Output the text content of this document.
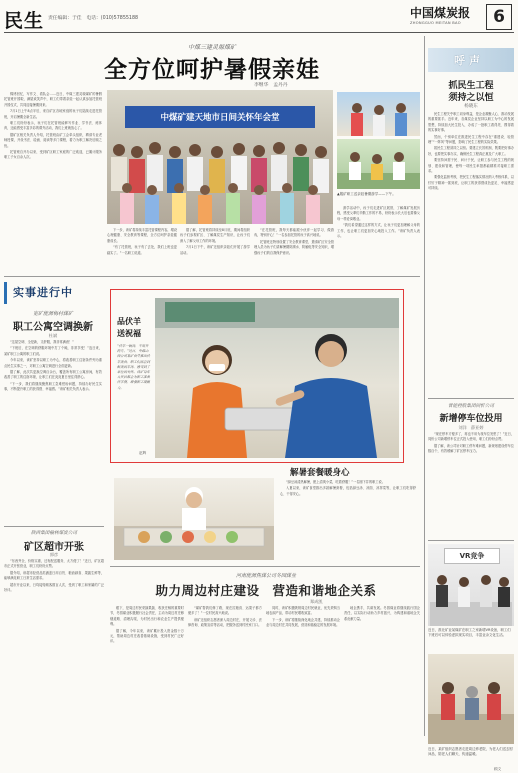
民生 责任编辑：于佳　电话：(010)57855188	中国煤炭报
ZHONGGUO MEITAN BAO 6
中煤三建灵塬煤矿
全方位呵护暑假亲娃
李继华　孟丹丹
中煤矿建天地市日间关怀年会堂
▲服矿职工送亲娃暑期游学——下午。

锦绣回忆，写作文、看队会……近日，中煤三建灵塬煤矿的暑假托管班开园啦，满屋欢笑声中，职工们带着亲娃一起认真参加托管班开园仪式，共同迎接暑期到来。

7月1日上午8点半后，来自矿区各地家庭的孩子们陆续走进托管班，开启暑期全新生活。

职工们纷纷表示，孩子们在托管班能够写作业、学书法、练体育，还能感受丰富多彩的课外活动，我们上班就放心了。

据矿区相关负责人介绍，托管班由矿工会牵头组织，聘请专业老师授课，开设书法、绘画、阅读等多门课程，着力为职工解决后顾之忧。

托管班自开办以来，受到矿区职工家庭的广泛欢迎，已累计服务职工子女百余人次。

下一步，该矿将持续丰富托管课程内容，增设心理健康、安全教育等课程，全方位呵护亲娃健康成长。

“有了托管班，孩子有了去处，我们上班也更踏实了。”一名职工说道。

据了解，托管班将持续至8月底，期间将组织孩子们参观矿区、了解煤炭生产知识，让孩子们深入了解父母工作的环境。

7月1日下午，该矿还组织亲娃们开展了游学活动。

“在托管班，我每天都能跟小伙伴一起学习、做游戏，特别开心！”一名参加托管的孩子高兴地说。

托管班还特别设置了安全教育课堂，邀请矿区安全管理人员为孩子们讲解暑期防溺水、防触电等安全知识，增强孩子们的自我保护意识。

游学活动中，孩子们走进矿区展馆，了解煤矿发展历程，感受父辈们辛勤工作的不易，纷纷表示长大后也要像父母一样爱岗敬业。

“我们希望通过这样的方式，让孩子们更加理解父母的工作，也让职工们更加安心地投入工作。”该矿负责人表示。

呼声
抓民生工程
须持之以恒
杨晓东

民生工程关乎职工切身利益，是企业凝聚人心、推动发展的重要抓手。近年来，各煤炭企业坚持以职工为中心的发展思想，持续加大民生投入，办成了一批职工看得见、摸得着的实事好事。

然而，个别单位在推进民生工程中存在“重建设、轻管理”“一阵风”等问题，影响了民生工程的实际效果。

抓民生工程须持之以恒。要建立长效机制，既要把好事办好，也要把实事办实，确保民生工程真正惠及广大职工。

要坚持问需于民、问计于民，让职工参与民生工程的规划、建设和管理，使每一项民生举措都能精准对接职工需求。

要强化监督考核，把民生工程落实情况纳入考核体系，以钉钉子精神一抓到底，让职工的获得感成色更足、幸福感更可持续。

晋能控股集团同忻公司
新增停车位投用
刘洋　薛亚婷

“现在停车方便多了，再也不用为找车位发愁了！”近日，同忻公司新增停车位正式投入使用，职工们纷纷点赞。

据了解，该公司针对职工停车难问题，新规划建设停车位数百个，有效缓解了矿区停车压力。

VR竞争
近日，淮北矿业某煤矿在职工之家新增VR设备，职工们下班后可以体验虚拟现实项目，丰富业余文化生活。
近日，某矿组织志愿者走进周边养老院，为老人们送去慰问品，陪老人们聊天，传递温暖。
顾文
实事进行中
宽矿能源梅村煤矿
职工公寓空调换新
杜斌

“这屋空调、全是新，又舒服，我非常满意！”

“下班后，在空调的舒服坏境中打了个盹，非常享受！”连日来，某矿职工公寓的职工们说。

今年以来，该矿坚持以职工为中心，将改善职工住宿条件列为重点民生实事之一，对职工公寓空调进行全面更新。

据了解，此次共更换空调百余台，覆盖所有职工公寓房间，有效改善了职工的住宿环境，让职工们在炎炎夏日里住得舒心。

“下一步，我们将继续聚焦职工急难愁盼问题，持续办好民生实事，不断提升职工的获得感、幸福感。”该矿相关负责人表示。

陕西集团榆林煤炭公司
矿区超市开张
郭彦

“东西齐全，价格实惠，还有配送服务，太方便了！”近日，矿区超市正式开张营业，职工们纷纷点赞。

据介绍，该超市经营品类涵盖日用百货、粮油副食、果蔬生鲜等，能够满足职工日常生活需求。

超市开业以来，日均接待顾客数百人次，受到了职工和家属的广泛好评。

品伏羊
送祝福
“伏羊一碗汤，不用开药方。”近日，中煤山西公司某矿食堂推出伏羊美食，职工们品尝到鲜美的羊汤，感受到了单位的关怀。该矿每年入伏后都会为职工准备伏羊餐，增强职工凝聚力。
赵辉
解暑套餐暖身心

“绿豆汤清热解暑，配上清爽小菜，吃着舒服！”一名刚下井的职工说。

入夏以来，该矿食堂推出多款解暑套餐，包括绿豆汤、凉面、凉拌菜等，让职工们吃得舒心、干得安心。

河南能源焦煤公司冬园煤业
助力周边村庄建设　营造和谐地企关系
郑成凯

眼下，是周边村民采摘果蔬、收获庄稼的重要时节，冬园煤业积极履行社会责任，主动为周边村庄修缮道路、清理沟渠，为村民出行和农业生产提供便利。

据了解，今年以来，该矿累计投入资金数十万元，帮助周边村庄改善基础设施，受到村民广泛好评。

“煤矿帮我们修了路，现在拉粮食、运果子都方便多了！”一位村民高兴地说。

该矿还组织志愿者深入周边村庄，开展义诊、法律咨询、政策宣讲等活动，把服务送到村民家门口。

同时，该矿积极吸纳周边村民就业，优先采购当地农副产品，带动村民增收致富。

下一步，该矿将继续深化地企共建，持续推动企业与周边村庄共同发展，营造和谐稳定的发展环境。

地企携手，共谋发展。冬园煤业将继续践行国企责任，以实际行动助力乡村振兴，为构建和谐地企关系贡献力量。
